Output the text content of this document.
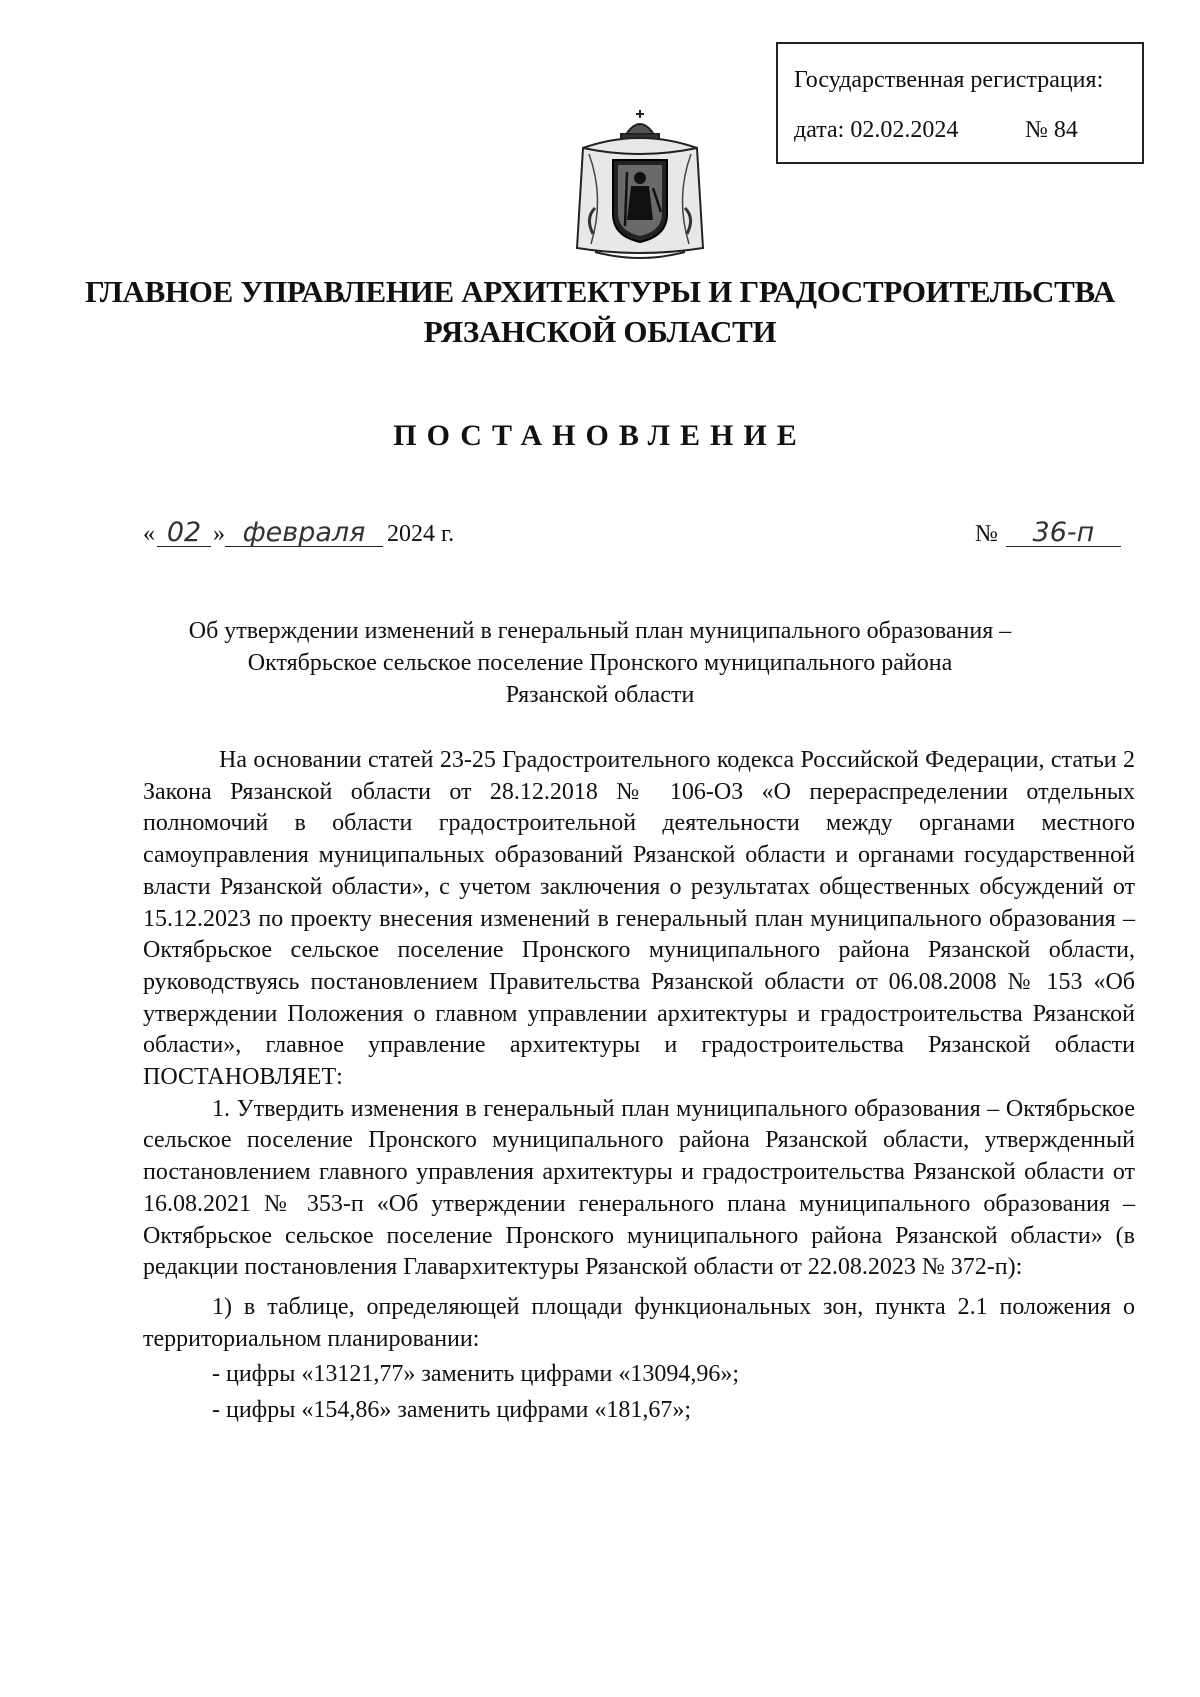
Государственная регистрация:
дата: 02.02.2024	№ 84
ГЛАВНОЕ УПРАВЛЕНИЕ АРХИТЕКТУРЫ И ГРАДОСТРОИТЕЛЬСТВА
РЯЗАНСКОЙ ОБЛАСТИ
ПОСТАНОВЛЕНИЕ
« 02 » февраля 2024 г.	№ 36-п
Об утверждении изменений в генеральный план муниципального образования –
Октябрьское сельское поселение Пронского муниципального района
Рязанской области

На основании статей 23-25 Градостроительного кодекса Российской Федерации, статьи 2 Закона Рязанской области от 28.12.2018 № 106-ОЗ «О перераспределении отдельных полномочий в области градостроительной деятельности между органами местного самоуправления муниципальных образований Рязанской области и органами государственной власти Рязанской области», с учетом заключения о результатах общественных обсуждений от 15.12.2023 по проекту внесения изменений в генеральный план муниципального образования – Октябрьское сельское поселение Пронского муниципального района Рязанской области, руководствуясь постановлением Правительства Рязанской области от 06.08.2008 № 153 «Об утверждении Положения о главном управлении архитектуры и градостроительства Рязанской области», главное управление архитектуры и градостроительства Рязанской области ПОСТАНОВЛЯЕТ:

1. Утвердить изменения в генеральный план муниципального образования – Октябрьское сельское поселение Пронского муниципального района Рязанской области, утвержденный постановлением главного управления архитектуры и градостроительства Рязанской области от 16.08.2021 № 353-п «Об утверждении генерального плана муниципального образования – Октябрьское сельское поселение Пронского муниципального района Рязанской области» (в редакции постановления Главархитектуры Рязанской области от 22.08.2023 № 372-п):

1) в таблице, определяющей площади функциональных зон, пункта 2.1 положения о территориальном планировании:

- цифры «13121,77» заменить цифрами «13094,96»;

- цифры «154,86» заменить цифрами «181,67»;
